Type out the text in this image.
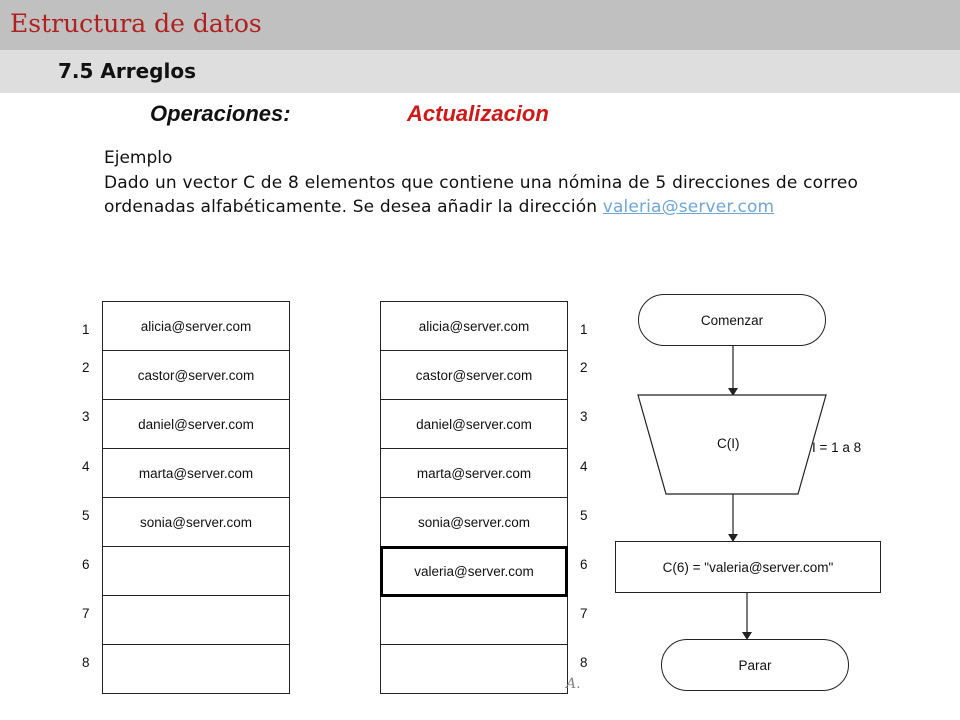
Estructura de datos
7.5 Arreglos
Operaciones:	Actualizacion
Ejemplo
Dado un vector C de 8 elementos que contiene una nómina de 5 direcciones de correo ordenadas alfabéticamente. Se desea añadir la dirección valeria@server.com
alicia@server.com
castor@server.com
daniel@server.com
marta@server.com
sonia@server.com
1
2
3
4
5
6
7
8
alicia@server.com
castor@server.com
daniel@server.com
marta@server.com
sonia@server.com
valeria@server.com
1
2
3
4
5
6
7
8
Comenzar
C(I)	I = 1 a 8
C(6) = "valeria@server.com"
A.
Parar
